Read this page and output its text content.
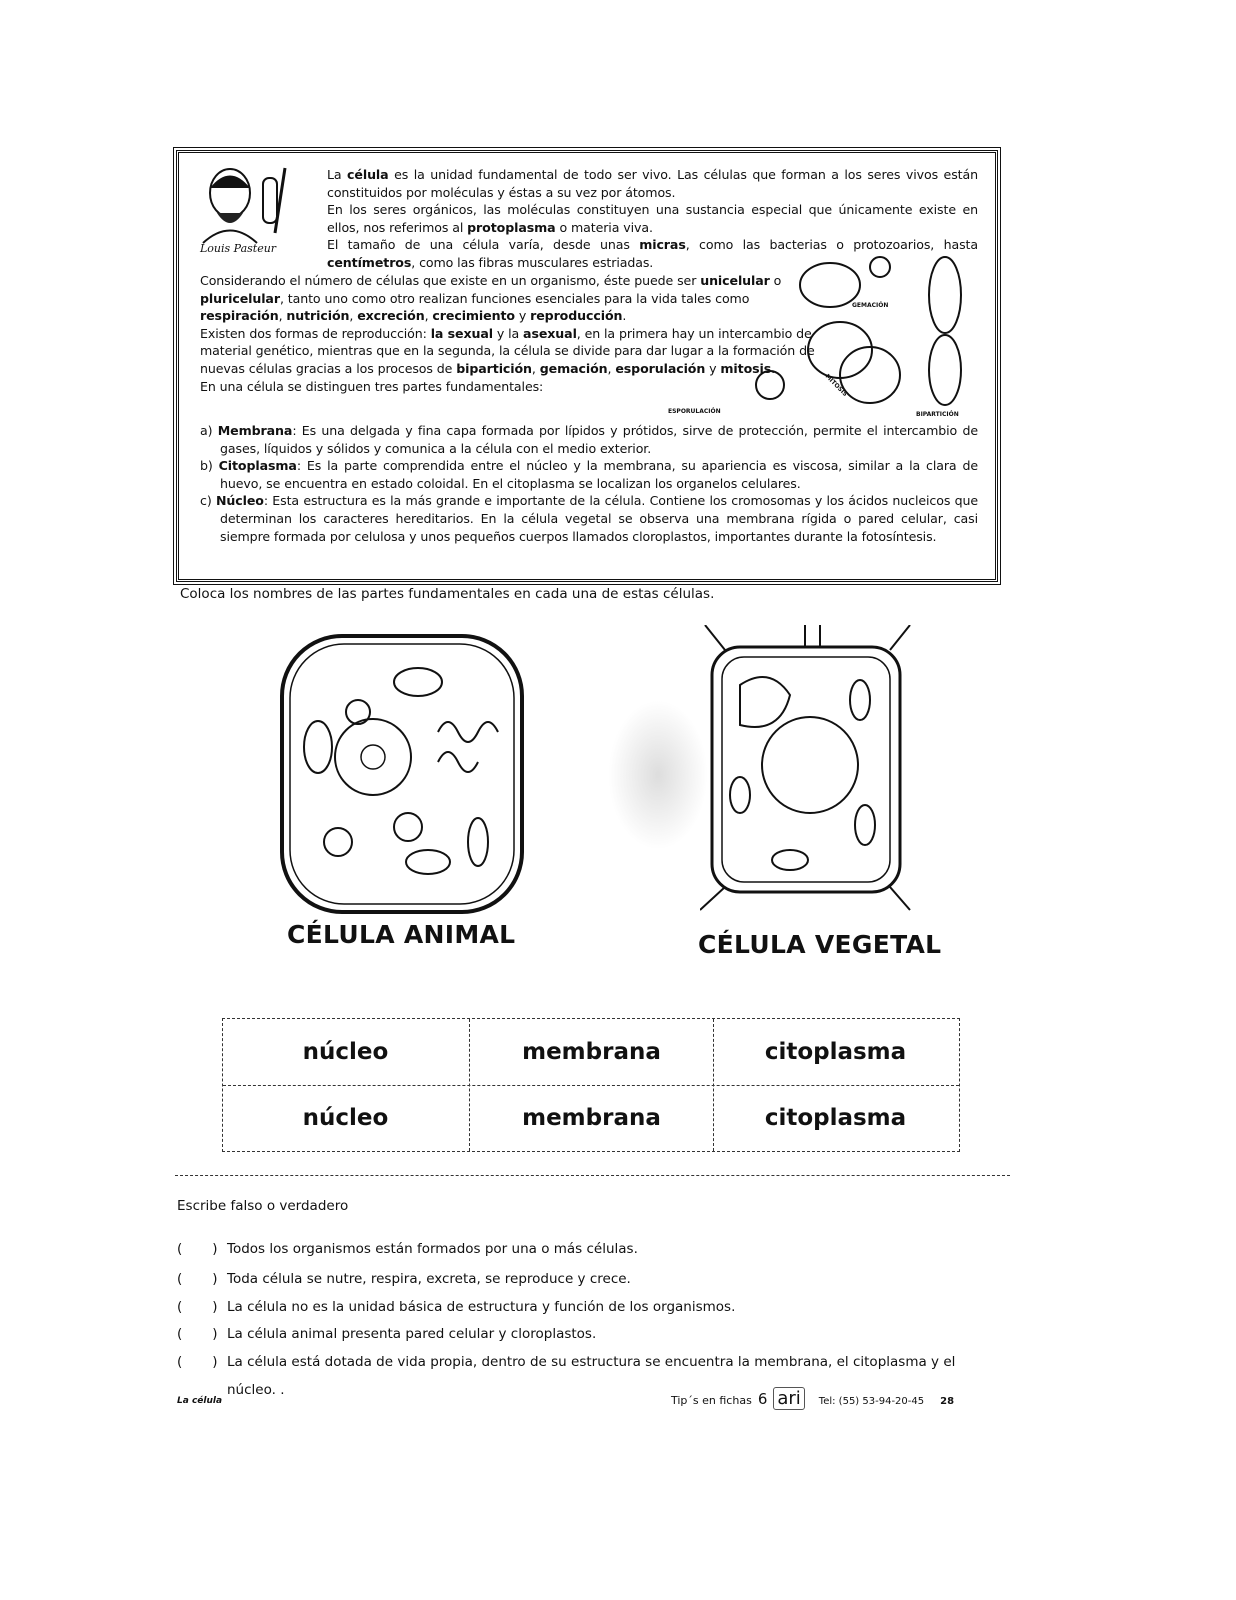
Louis Pasteur
La célula es la unidad fundamental de todo ser vivo. Las células que forman a los seres vivos están constituidos por moléculas y éstas a su vez por átomos.
En los seres orgánicos, las moléculas constituyen una sustancia especial que únicamente existe en ellos, nos referimos al protoplasma o materia viva.
El tamaño de una célula varía, desde unas micras, como las bacterias o protozoarios, hasta centímetros, como las fibras musculares estriadas.
Considerando el número de células que existe en un organismo, éste puede ser unicelular o pluricelular, tanto uno como otro realizan funciones esenciales para la vida tales como respiración, nutrición, excreción, crecimiento y reproducción.
Existen dos formas de reproducción: la sexual y la asexual, en la primera hay un intercambio de material genético, mientras que en la segunda, la célula se divide para dar lugar a la formación de nuevas células gracias a los procesos de bipartición, gemación, esporulación y mitosis.
En una célula se distinguen tres partes fundamentales:
a) Membrana: Es una delgada y fina capa formada por lípidos y prótidos, sirve de protección, permite el intercambio de gases, líquidos y sólidos y comunica a la célula con el medio exterior.
b) Citoplasma: Es la parte comprendida entre el núcleo y la membrana, su apariencia es viscosa, similar a la clara de huevo, se encuentra en estado coloidal. En el citoplasma se localizan los organelos celulares.
c) Núcleo: Esta estructura es la más grande e importante de la célula. Contiene los cromosomas y los ácidos nucleicos que determinan los caracteres hereditarios. En la célula vegetal se observa una membrana rígida o pared celular, casi siempre formada por celulosa y unos pequeños cuerpos llamados cloroplastos, importantes durante la fotosíntesis.
GEMACIÓN
MITOSIS
ESPORULACIÓN	BIPARTICIÓN
Coloca los nombres de las partes fundamentales en cada una de estas células.
CÉLULA ANIMAL	CÉLULA VEGETAL
núcleo	membrana	citoplasma
núcleo	membrana	citoplasma
Escribe falso o verdadero
(       ) Todos los organismos están formados por una o más células.
(       ) Toda célula se nutre, respira, excreta, se reproduce y crece.
(       ) La célula no es la unidad básica de estructura y función de los organismos.
(       ) La célula animal presenta pared celular y cloroplastos.
(       ) La célula está dotada de vida propia, dentro de su estructura se encuentra la membrana, el citoplasma y el núcleo. .
La célula	Tip´s en fichas 6 ari	Tel: (55) 53-94-20-45 28
